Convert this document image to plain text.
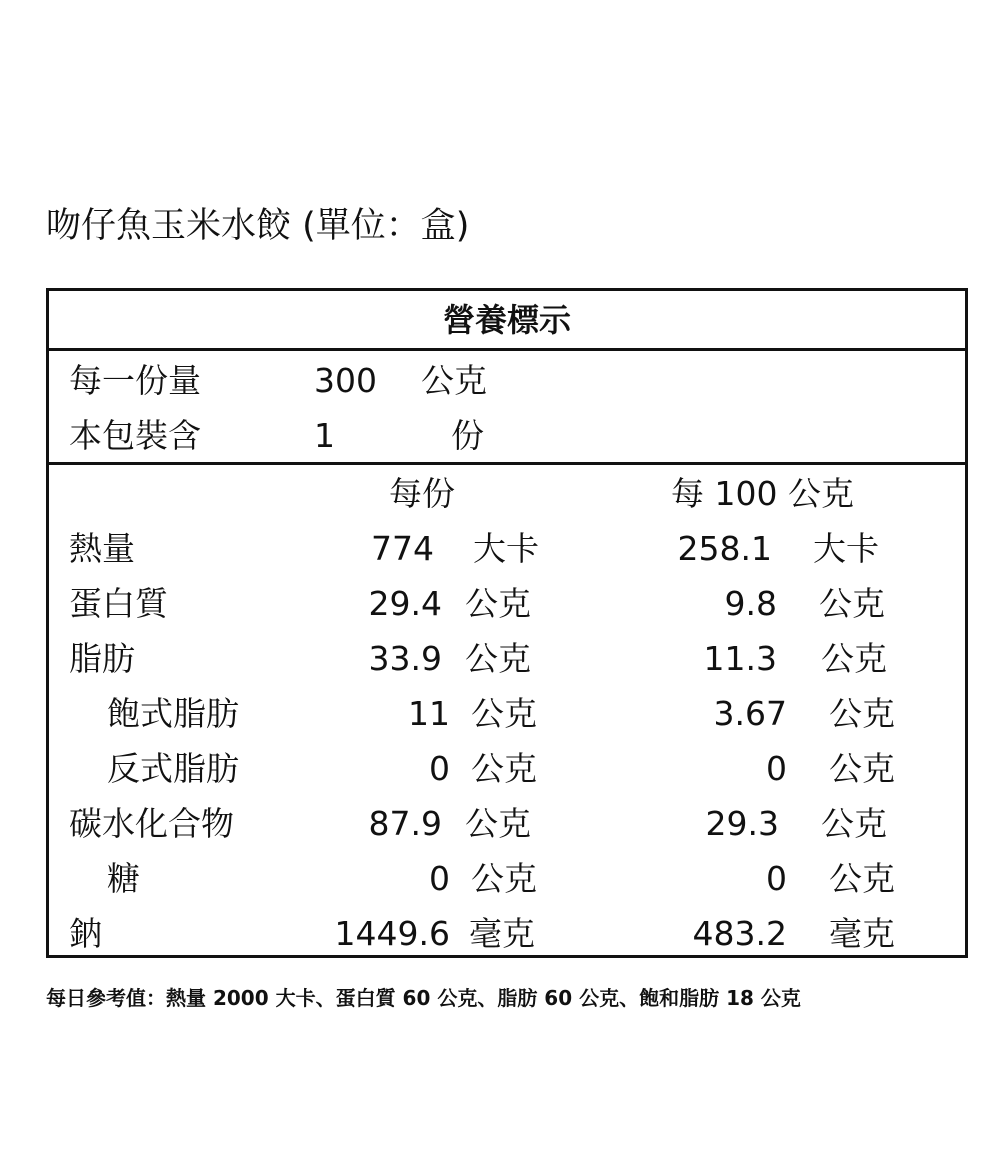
吻仔魚玉米水餃 (單位：盒)
營養標示
每一份量	300 公克
本包裝含	1	份
每份	每 100 公克
熱量	774 大卡	258.1 大卡
蛋白質	29.4 公克	9.8 公克
脂肪	33.9 公克	11.3 公克
飽式脂肪	11 公克	3.67 公克
反式脂肪	0 公克	0 公克
碳水化合物	87.9 公克	29.3 公克
糖	0 公克	0 公克
鈉	1449.6 毫克	483.2 毫克
每日參考值：熱量 2000 大卡、蛋白質 60 公克、脂肪 60 公克、飽和脂肪 18 公克
